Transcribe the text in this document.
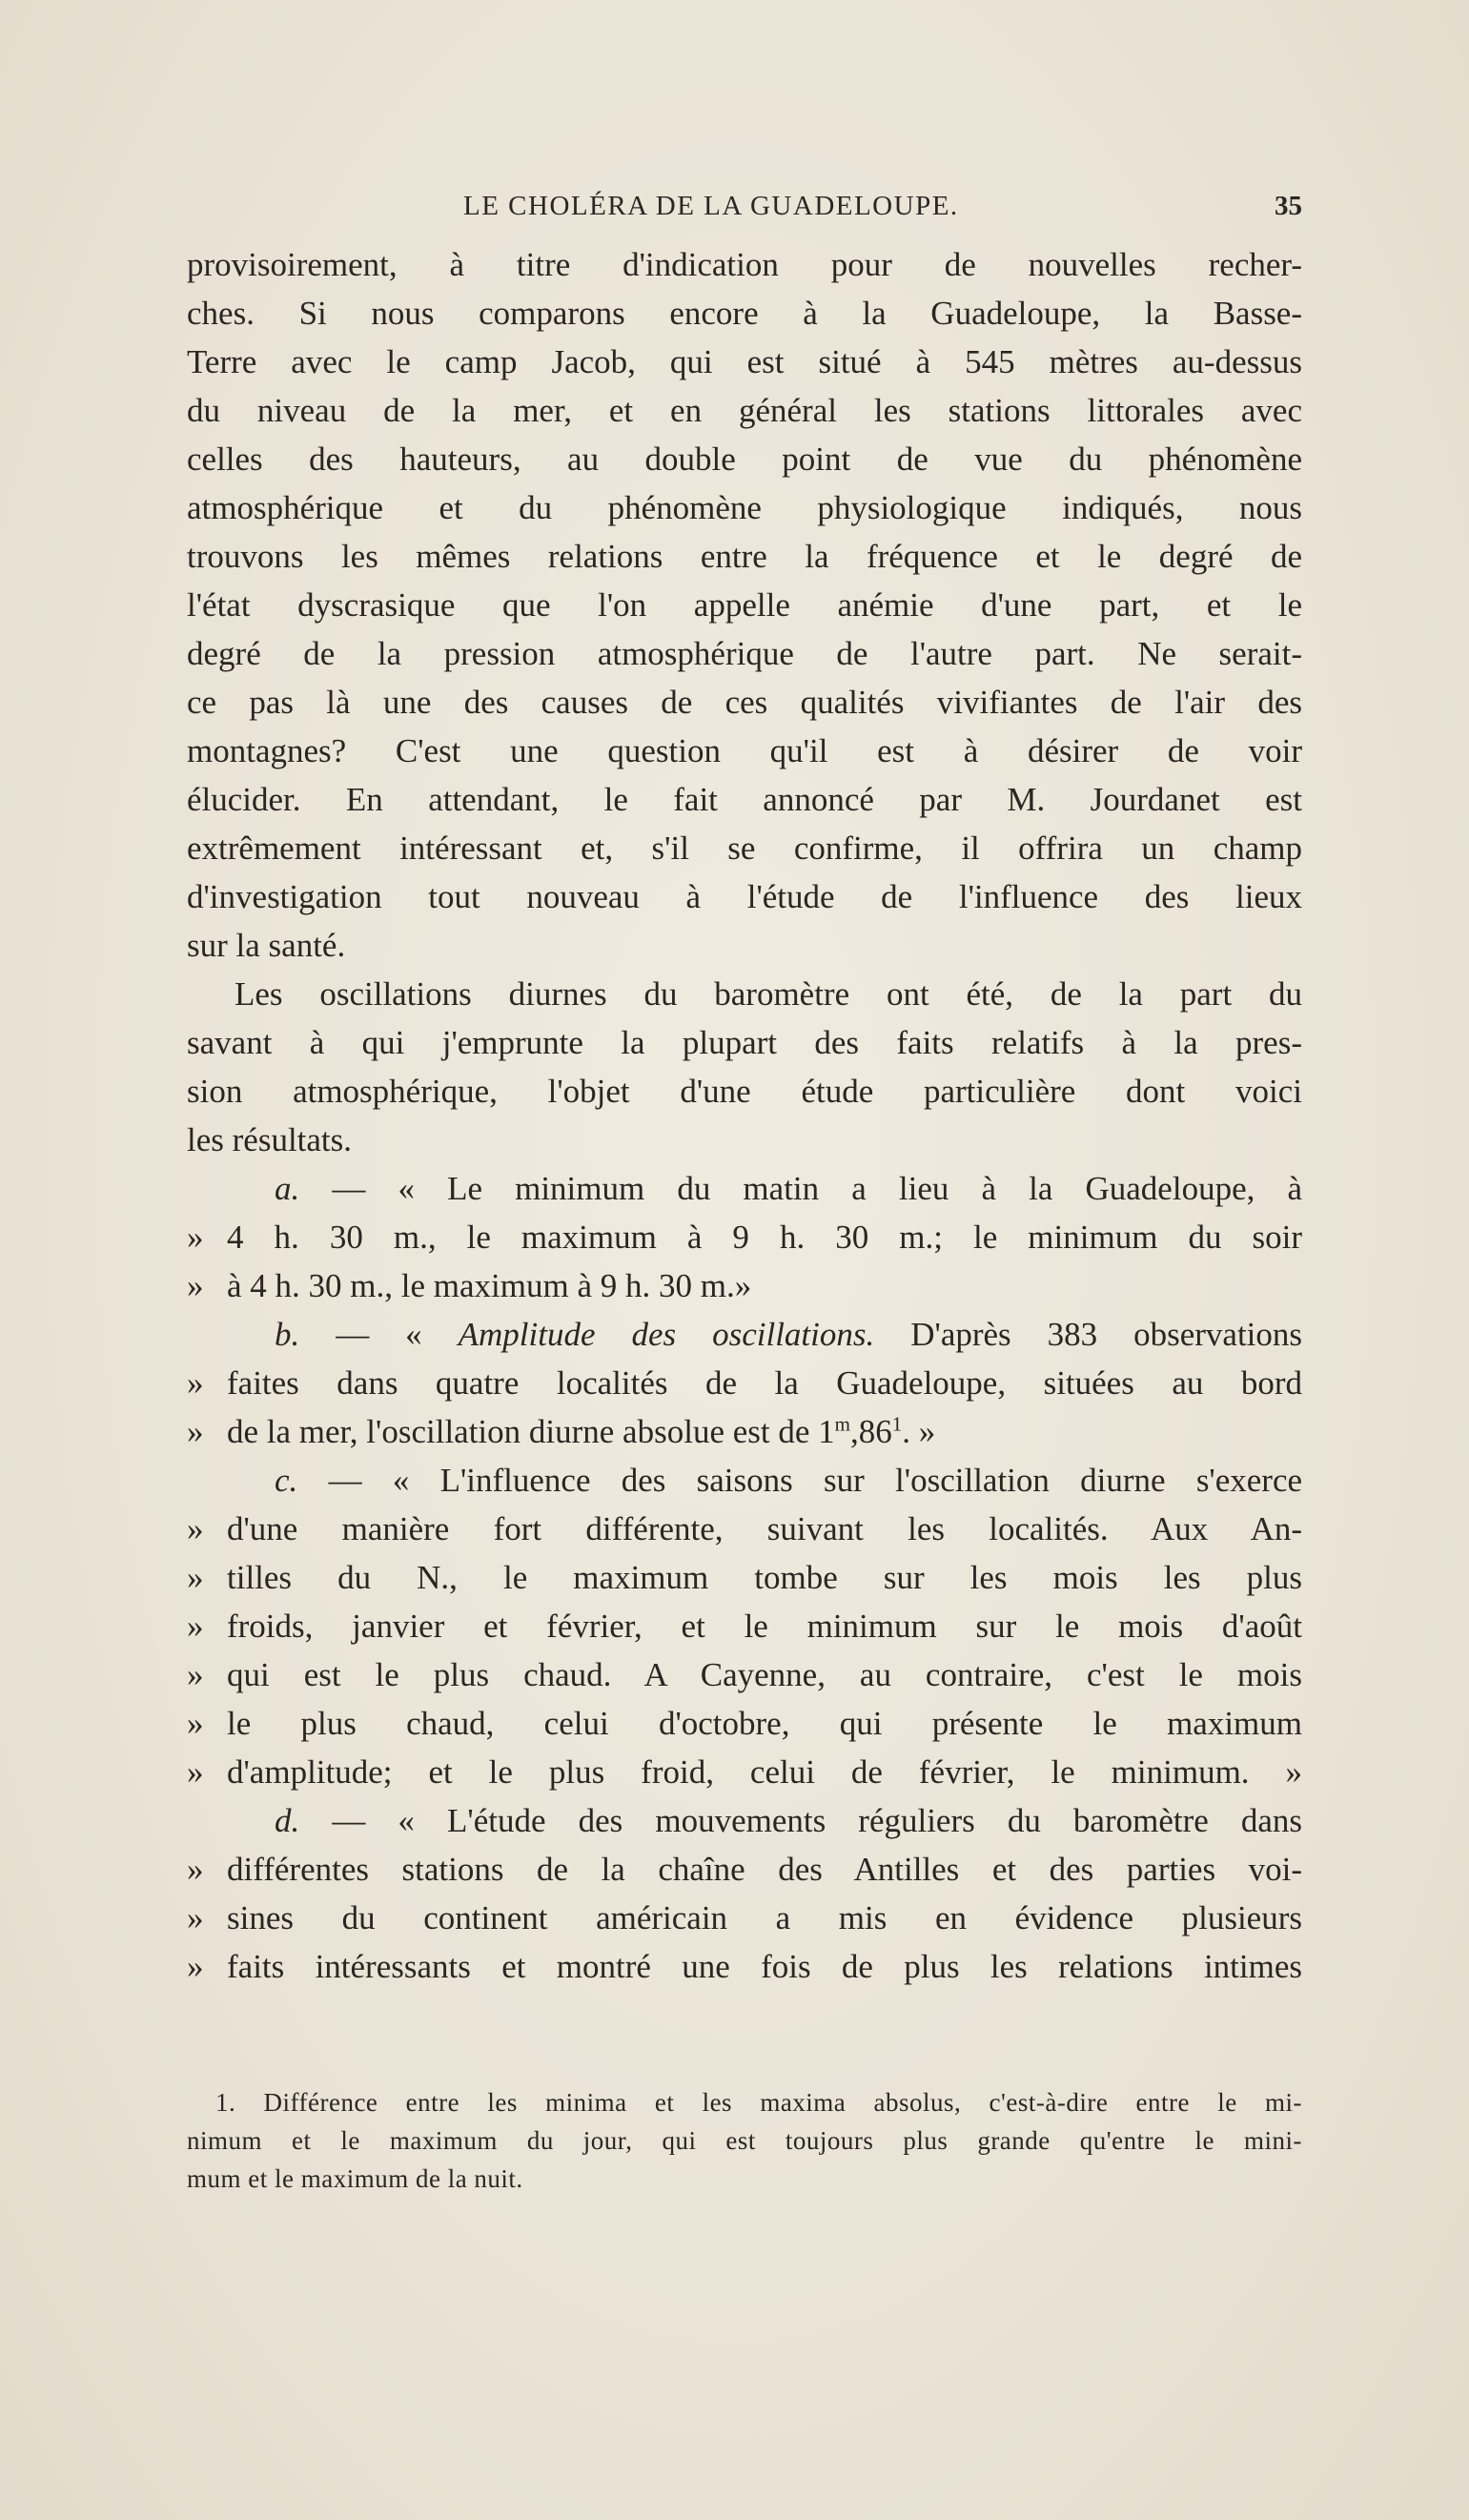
LE CHOLÉRA DE LA GUADELOUPE.	35
provisoirement, à titre d'indication pour de nouvelles recher-
ches. Si nous comparons encore à la Guadeloupe, la Basse-
Terre avec le camp Jacob, qui est situé à 545 mètres au-dessus
du niveau de la mer, et en général les stations littorales avec
celles des hauteurs, au double point de vue du phénomène
atmosphérique et du phénomène physiologique indiqués, nous
trouvons les mêmes relations entre la fréquence et le degré de
l'état dyscrasique que l'on appelle anémie d'une part, et le
degré de la pression atmosphérique de l'autre part. Ne serait-
ce pas là une des causes de ces qualités vivifiantes de l'air des
montagnes? C'est une question qu'il est à désirer de voir
élucider. En attendant, le fait annoncé par M. Jourdanet est
extrêmement intéressant et, s'il se confirme, il offrira un champ
d'investigation tout nouveau à l'étude de l'influence des lieux
sur la santé.
Les oscillations diurnes du baromètre ont été, de la part du
savant à qui j'emprunte la plupart des faits relatifs à la pres-
sion atmosphérique, l'objet d'une étude particulière dont voici
les résultats.
a. — « Le minimum du matin a lieu à la Guadeloupe, à
» 4 h. 30 m., le maximum à 9 h. 30 m.; le minimum du soir
» à 4 h. 30 m., le maximum à 9 h. 30 m.»
b. — « Amplitude des oscillations. D'après 383 observations
» faites dans quatre localités de la Guadeloupe, situées au bord
» de la mer, l'oscillation diurne absolue est de $1^m,86^1$. »
c. — « L'influence des saisons sur l'oscillation diurne s'exerce
» d'une manière fort différente, suivant les localités. Aux An-
» tilles du N., le maximum tombe sur les mois les plus
» froids, janvier et février, et le minimum sur le mois d'août
» qui est le plus chaud. A Cayenne, au contraire, c'est le mois
» le plus chaud, celui d'octobre, qui présente le maximum
» d'amplitude; et le plus froid, celui de février, le minimum. »
d. — « L'étude des mouvements réguliers du baromètre dans
» différentes stations de la chaîne des Antilles et des parties voi-
» sines du continent américain a mis en évidence plusieurs
» faits intéressants et montré une fois de plus les relations intimes
1. Différence entre les minima et les maxima absolus, c'est-à-dire entre le mi-
nimum et le maximum du jour, qui est toujours plus grande qu'entre le mini-
mum et le maximum de la nuit.
